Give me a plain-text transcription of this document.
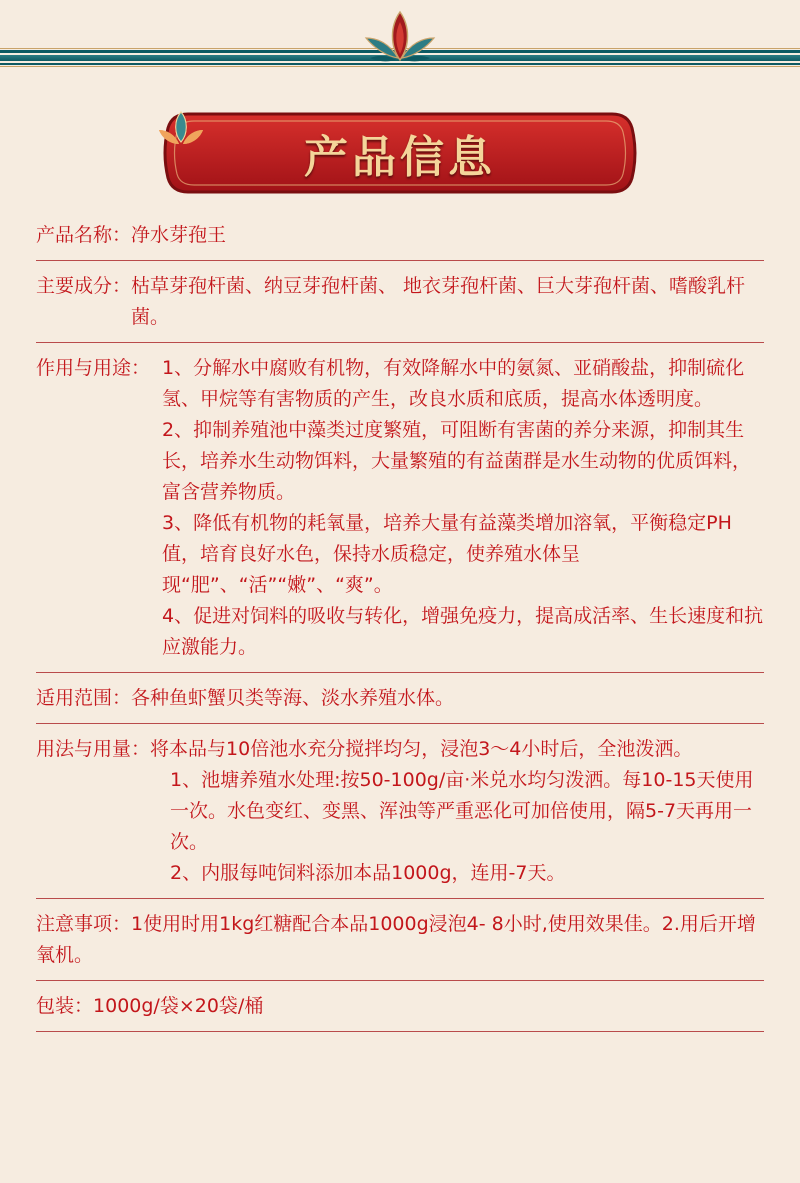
产品信息
产品名称： 净水芽孢王
主要成分： 枯草芽孢杆菌、纳豆芽孢杆菌、 地衣芽孢杆菌、巨大芽孢杆菌、嗜酸乳杆菌。
作用与用途： 1、分解水中腐败有机物，有效降解水中的氨氮、亚硝酸盐，抑制硫化氢、甲烷等有害物质的产生，改良水质和底质，提高水体透明度。
2、抑制养殖池中藻类过度繁殖，可阻断有害菌的养分来源，抑制其生长，培养水生动物饵料，大量繁殖的有益菌群是水生动物的优质饵料，富含营养物质。
3、降低有机物的耗氧量，培养大量有益藻类增加溶氧，平衡稳定PH值，培育良好水色，保持水质稳定，使养殖水体呈现“肥”、“活”“嫩”、“爽”。
4、促进对饲料的吸收与转化，增强免疫力，提高成活率、生长速度和抗应激能力。
适用范围： 各种鱼虾蟹贝类等海、淡水养殖水体。
用法与用量： 将本品与10倍池水充分搅拌均匀，浸泡3～4小时后，全池泼洒。
1、池塘养殖水处理:按50-100g/亩·米兑水均匀泼洒。每10-15天使用一次。水色变红、变黑、浑浊等严重恶化可加倍使用，隔5-7天再用一次。
2、内服每吨饲料添加本品1000g，连用-7天。
注意事项：1使用时用1kg红糖配合本品1000g浸泡4- 8小时,使用效果佳。2.用后开增氧机。
包装： 1000g/袋×20袋/桶
